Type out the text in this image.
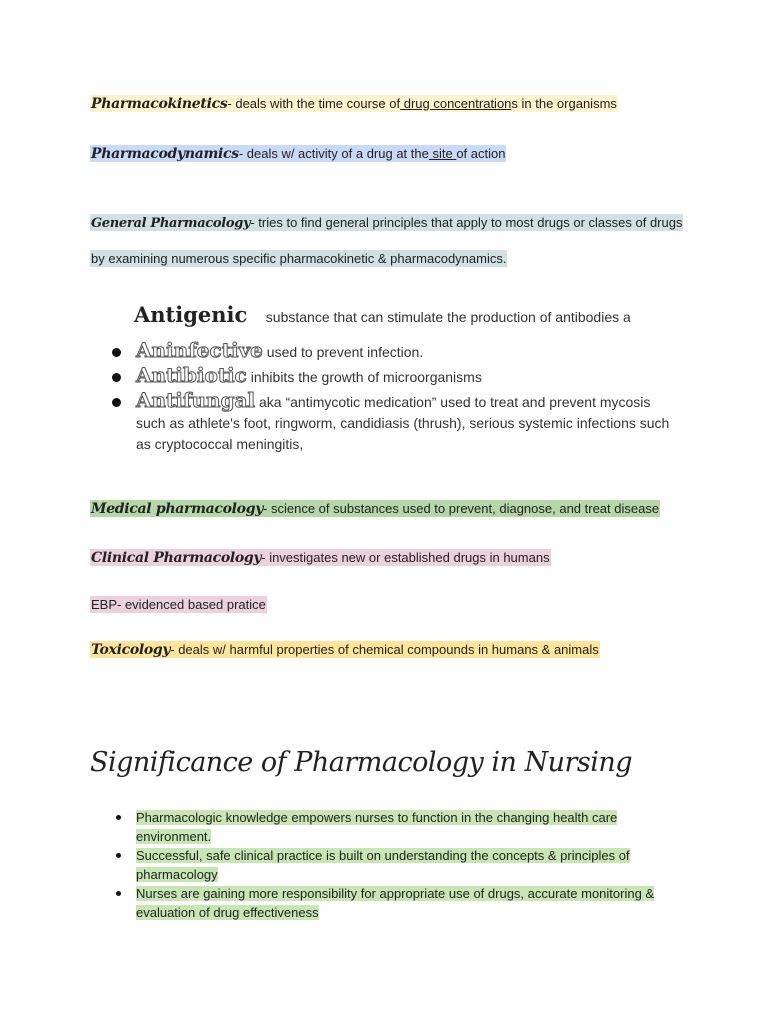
Pharmacokinetics- deals with the time course of drug concentrations in the organisms
Pharmacodynamics- deals w/ activity of a drug at the site of action
General Pharmacology- tries to find general principles that apply to most drugs or classes of drugs
by examining numerous specific pharmacokinetic & pharmacodynamics.
Antigenic substance that can stimulate the production of antibodies a
Aninfective used to prevent infection.
Antibiotic inhibits the growth of microorganisms
Antifungal aka “antimycotic medication” used to treat and prevent mycosis such as athlete's foot, ringworm, candidiasis (thrush), serious systemic infections such as cryptococcal meningitis,
Medical pharmacology- science of substances used to prevent, diagnose, and treat disease
Clinical Pharmacology- investigates new or established drugs in humans
EBP- evidenced based pratice
Toxicology- deals w/ harmful properties of chemical compounds in humans & animals
Significance of Pharmacology in Nursing
Pharmacologic knowledge empowers nurses to function in the changing health care environment.
Successful, safe clinical practice is built on understanding the concepts & principles of pharmacology
Nurses are gaining more responsibility for appropriate use of drugs, accurate monitoring & evaluation of drug effectiveness
